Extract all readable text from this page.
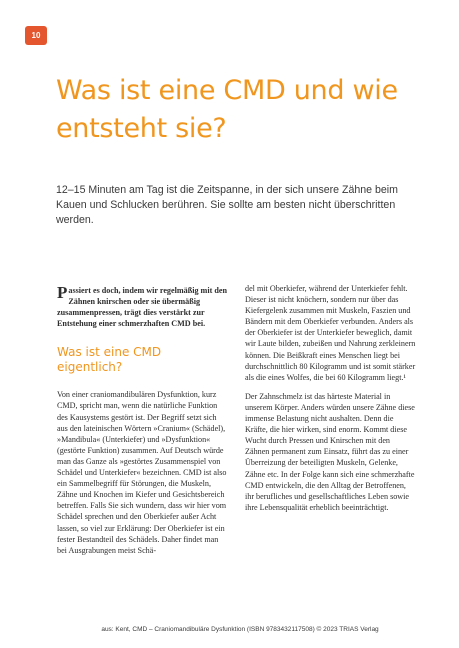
10
Was ist eine CMD und wie entsteht sie?

12–15 Minuten am Tag ist die Zeitspanne, in der sich unsere Zähne beim Kauen und Schlucken berühren. Sie sollte am besten nicht überschritten werden.

Passiert es doch, indem wir regelmäßig mit den Zähnen knirschen oder sie übermäßig zusammenpressen, trägt dies verstärkt zur Entstehung einer schmerzhaften CMD bei.

Was ist eine CMD eigentlich?

Von einer craniomandibulären Dysfunktion, kurz CMD, spricht man, wenn die natürliche Funktion des Kausystems gestört ist. Der Begriff setzt sich aus den lateinischen Wörtern »Cranium« (Schädel), »Mandibula« (Unterkiefer) und »Dysfunktion« (gestörte Funktion) zusammen. Auf Deutsch würde man das Ganze als »gestörtes Zusammenspiel von Schädel und Unterkiefer« bezeichnen. CMD ist also ein Sammelbegriff für Störungen, die Muskeln, Zähne und Knochen im Kiefer und Gesichtsbereich betreffen. Falls Sie sich wundern, dass wir hier vom Schädel sprechen und den Oberkiefer außer Acht lassen, so viel zur Erklärung: Der Oberkiefer ist ein fester Bestandteil des Schädels. Daher findet man bei Ausgrabungen meist Schä-

del mit Oberkiefer, während der Unterkiefer fehlt. Dieser ist nicht knöchern, sondern nur über das Kiefergelenk zusammen mit Muskeln, Faszien und Bändern mit dem Oberkiefer verbunden. Anders als der Oberkiefer ist der Unterkiefer beweglich, damit wir Laute bilden, zubeißen und Nahrung zerkleinern können. Die Beißkraft eines Menschen liegt bei durchschnittlich 80 Kilogramm und ist somit stärker als die eines Wolfes, die bei 60 Kilogramm liegt.¹

Der Zahnschmelz ist das härteste Material in unserem Körper. Anders würden unsere Zähne diese immense Belastung nicht aushalten. Denn die Kräfte, die hier wirken, sind enorm. Kommt diese Wucht durch Pressen und Knirschen mit den Zähnen permanent zum Einsatz, führt das zu einer Überreizung der beteiligten Muskeln, Gelenke, Zähne etc. In der Folge kann sich eine schmerzhafte CMD entwickeln, die den Alltag der Betroffenen, ihr berufliches und gesellschaftliches Leben sowie ihre Lebensqualität erheblich beeinträchtigt.

aus: Kent, CMD – Craniomandibuläre Dysfunktion (ISBN 9783432117508) © 2023 TRIAS Verlag
